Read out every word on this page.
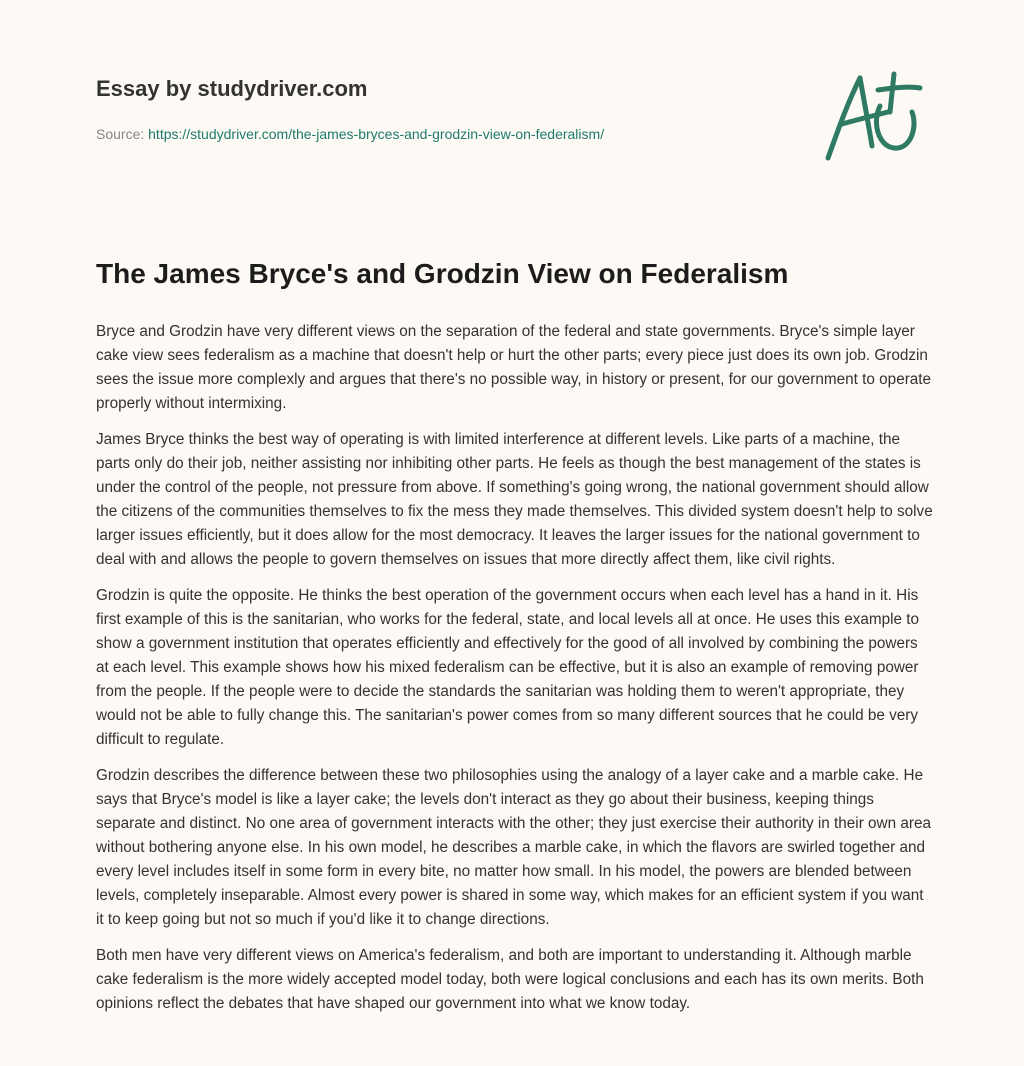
Essay by studydriver.com
Source: https://studydriver.com/the-james-bryces-and-grodzin-view-on-federalism/
The James Bryce's and Grodzin View on Federalism

Bryce and Grodzin have very different views on the separation of the federal and state governments. Bryce's simple layer cake view sees federalism as a machine that doesn't help or hurt the other parts; every piece just does its own job. Grodzin sees the issue more complexly and argues that there's no possible way, in history or present, for our government to operate properly without intermixing.

James Bryce thinks the best way of operating is with limited interference at different levels. Like parts of a machine, the parts only do their job, neither assisting nor inhibiting other parts. He feels as though the best management of the states is under the control of the people, not pressure from above. If something's going wrong, the national government should allow the citizens of the communities themselves to fix the mess they made themselves. This divided system doesn't help to solve larger issues efficiently, but it does allow for the most democracy. It leaves the larger issues for the national government to deal with and allows the people to govern themselves on issues that more directly affect them, like civil rights.

Grodzin is quite the opposite. He thinks the best operation of the government occurs when each level has a hand in it. His first example of this is the sanitarian, who works for the federal, state, and local levels all at once. He uses this example to show a government institution that operates efficiently and effectively for the good of all involved by combining the powers at each level. This example shows how his mixed federalism can be effective, but it is also an example of removing power from the people. If the people were to decide the standards the sanitarian was holding them to weren't appropriate, they would not be able to fully change this. The sanitarian's power comes from so many different sources that he could be very difficult to regulate.

Grodzin describes the difference between these two philosophies using the analogy of a layer cake and a marble cake. He says that Bryce's model is like a layer cake; the levels don't interact as they go about their business, keeping things separate and distinct. No one area of government interacts with the other; they just exercise their authority in their own area without bothering anyone else. In his own model, he describes a marble cake, in which the flavors are swirled together and every level includes itself in some form in every bite, no matter how small. In his model, the powers are blended between levels, completely inseparable. Almost every power is shared in some way, which makes for an efficient system if you want it to keep going but not so much if you'd like it to change directions.

Both men have very different views on America's federalism, and both are important to understanding it. Although marble cake federalism is the more widely accepted model today, both were logical conclusions and each has its own merits. Both opinions reflect the debates that have shaped our government into what we know today.
